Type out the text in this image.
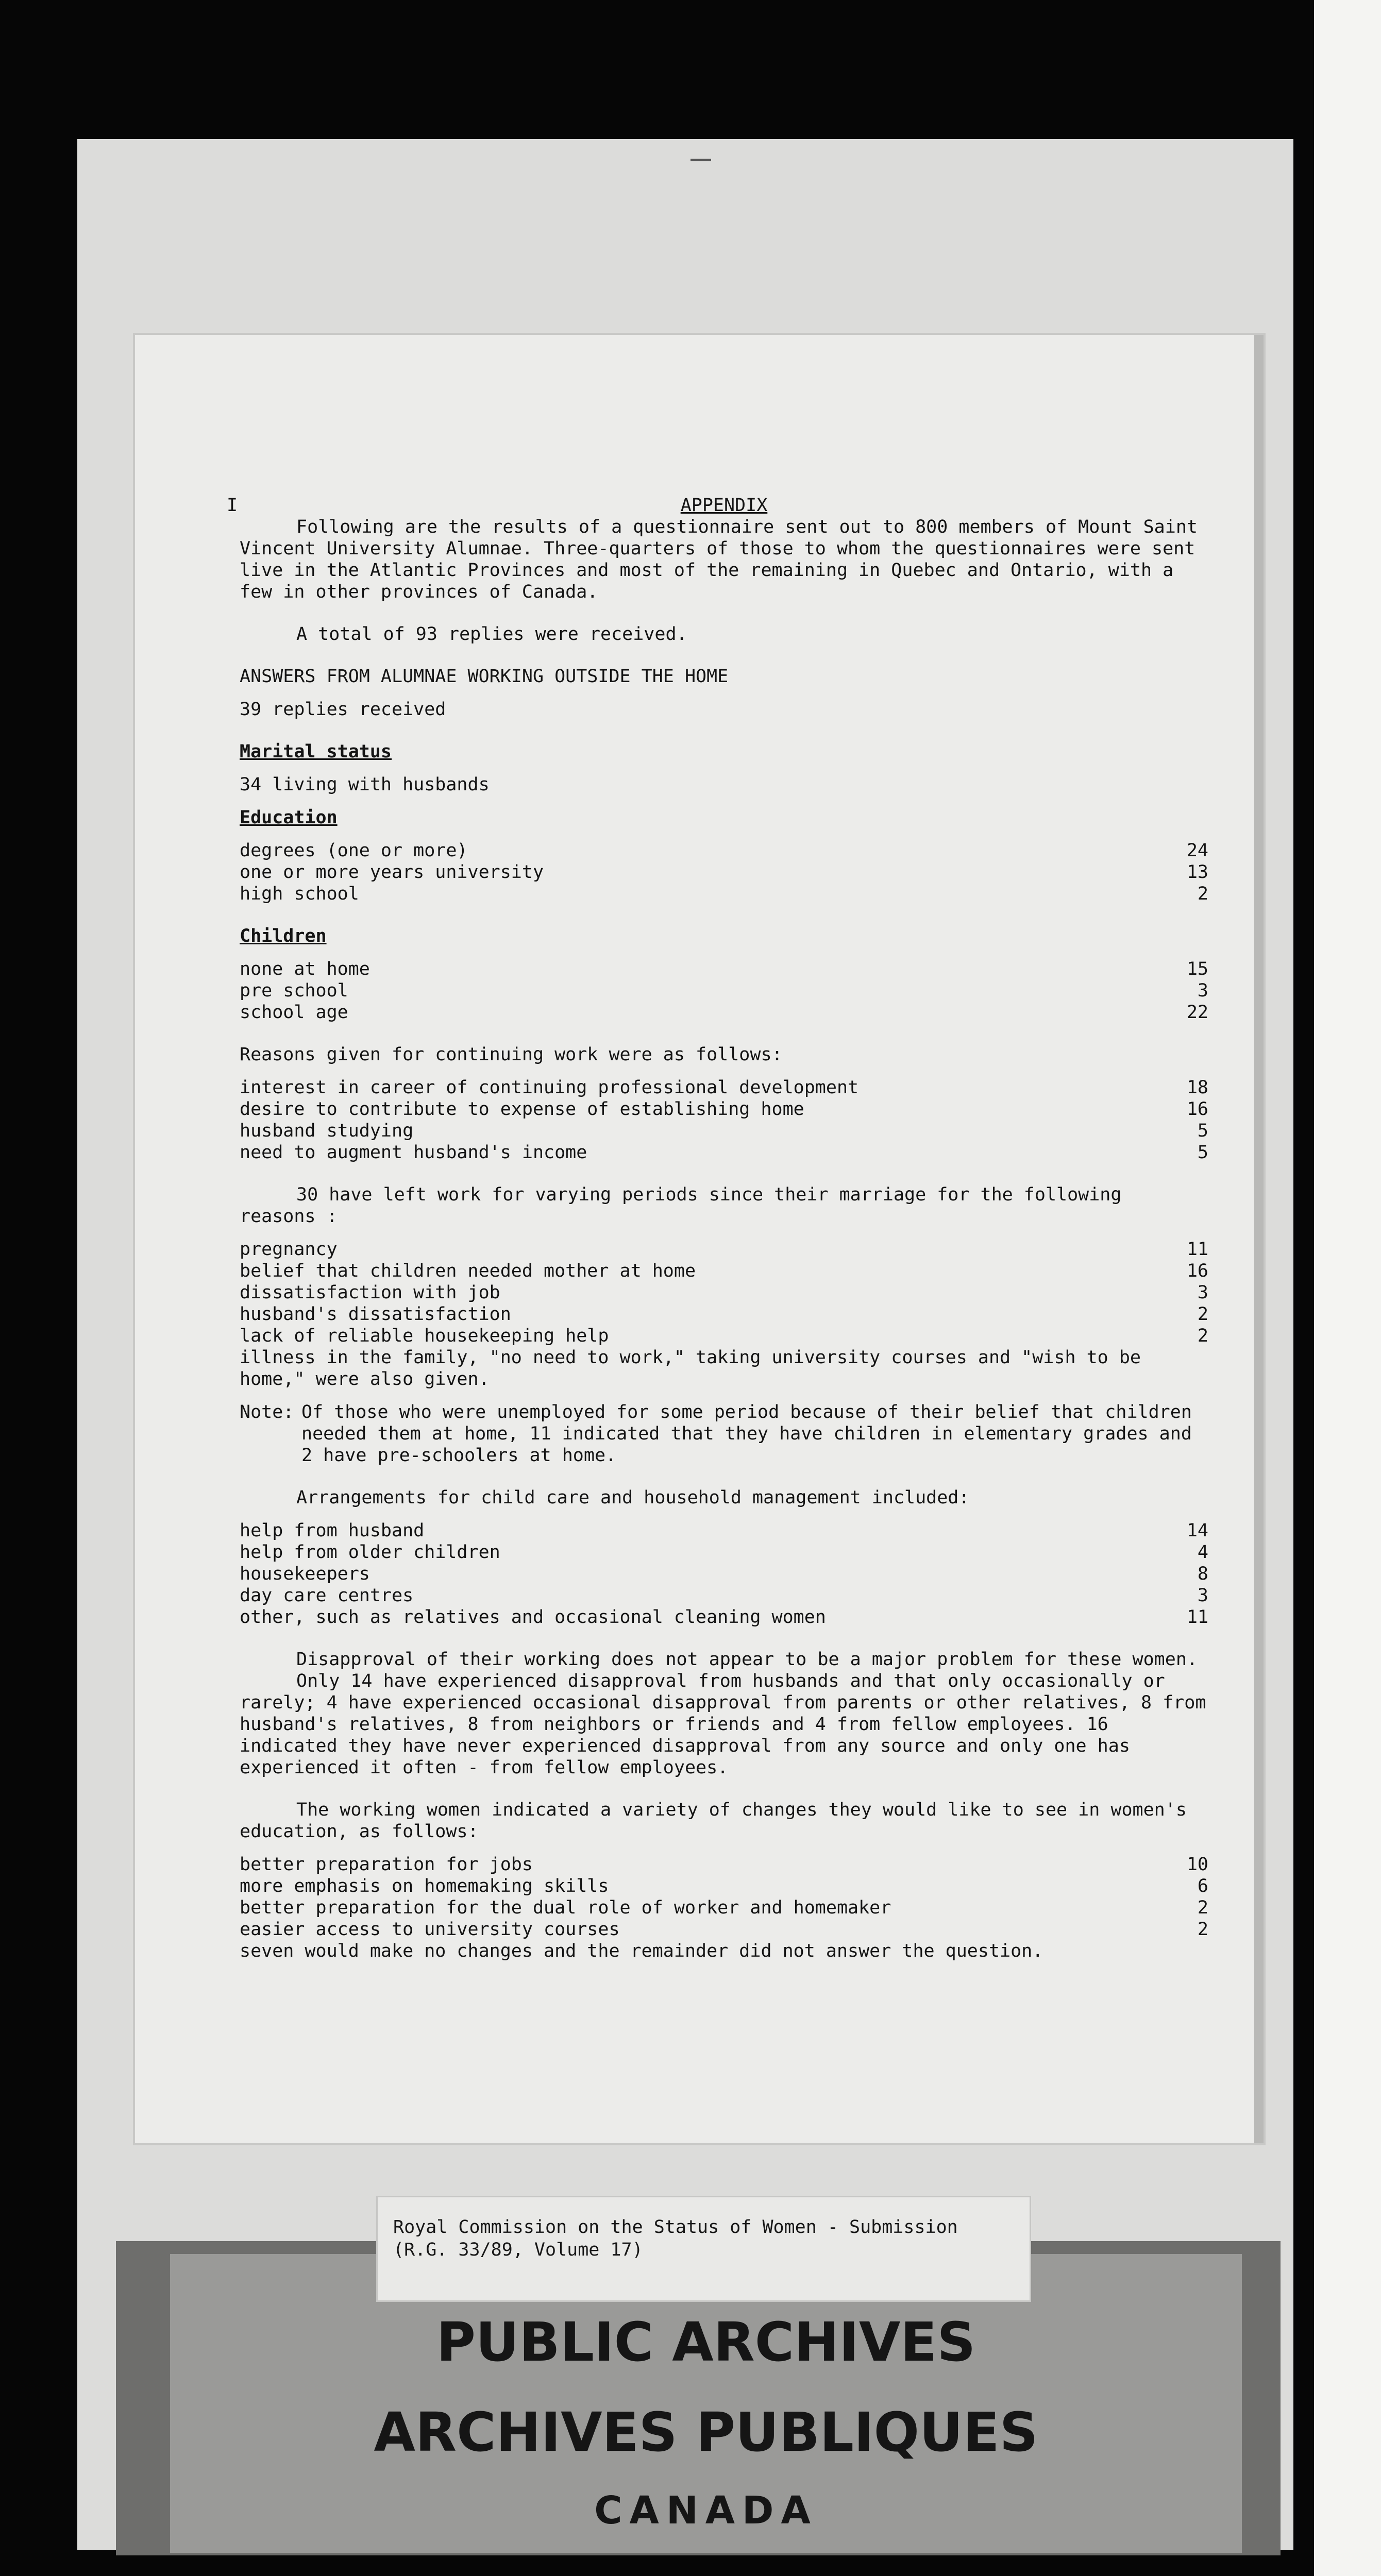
I	APPENDIX
Following are the results of a questionnaire sent out to 800 members of Mount Saint Vincent University Alumnae. Three-quarters of those to whom the questionnaires were sent live in the Atlantic Provinces and most of the remaining in Quebec and Ontario, with a few in other provinces of Canada.
A total of 93 replies were received.
ANSWERS FROM ALUMNAE WORKING OUTSIDE THE HOME
39 replies received
Marital status
34 living with husbands
Education
degrees (one or more)	24
one or more years university	13
high school	2
Children
none at home	15
pre school	3
school age	22
Reasons given for continuing work were as follows:
interest in career of continuing professional development	18
desire to contribute to expense of establishing home	16
husband studying	5
need to augment husband's income	5
30 have left work for varying periods since their marriage for the following reasons :
pregnancy	11
belief that children needed mother at home	16
dissatisfaction with job	3
husband's dissatisfaction	2
lack of reliable housekeeping help	2
illness in the family, "no need to work," taking university courses and "wish to be home," were also given.
Note: Of those who were unemployed for some period because of their belief that children needed them at home, 11 indicated that they have children in elementary grades and 2 have pre-schoolers at home.
Arrangements for child care and household management included:
help from husband	14
help from older children	4
housekeepers	8
day care centres	3
other, such as relatives and occasional cleaning women	11
Disapproval of their working does not appear to be a major problem for these women.
Only 14 have experienced disapproval from husbands and that only occasionally or rarely; 4 have experienced occasional disapproval from parents or other relatives, 8 from husband's relatives, 8 from neighbors or friends and 4 from fellow employees. 16 indicated they have never experienced disapproval from any source and only one has experienced it often - from fellow employees.
The working women indicated a variety of changes they would like to see in women's education, as follows:
better preparation for jobs	10
more emphasis on homemaking skills	6
better preparation for the dual role of worker and homemaker	2
easier access to university courses	2
seven would make no changes and the remainder did not answer the question.
PUBLIC ARCHIVES
ARCHIVES PUBLIQUES
CANADA
Royal Commission on the Status of Women - Submission
(R.G. 33/89, Volume 17)
